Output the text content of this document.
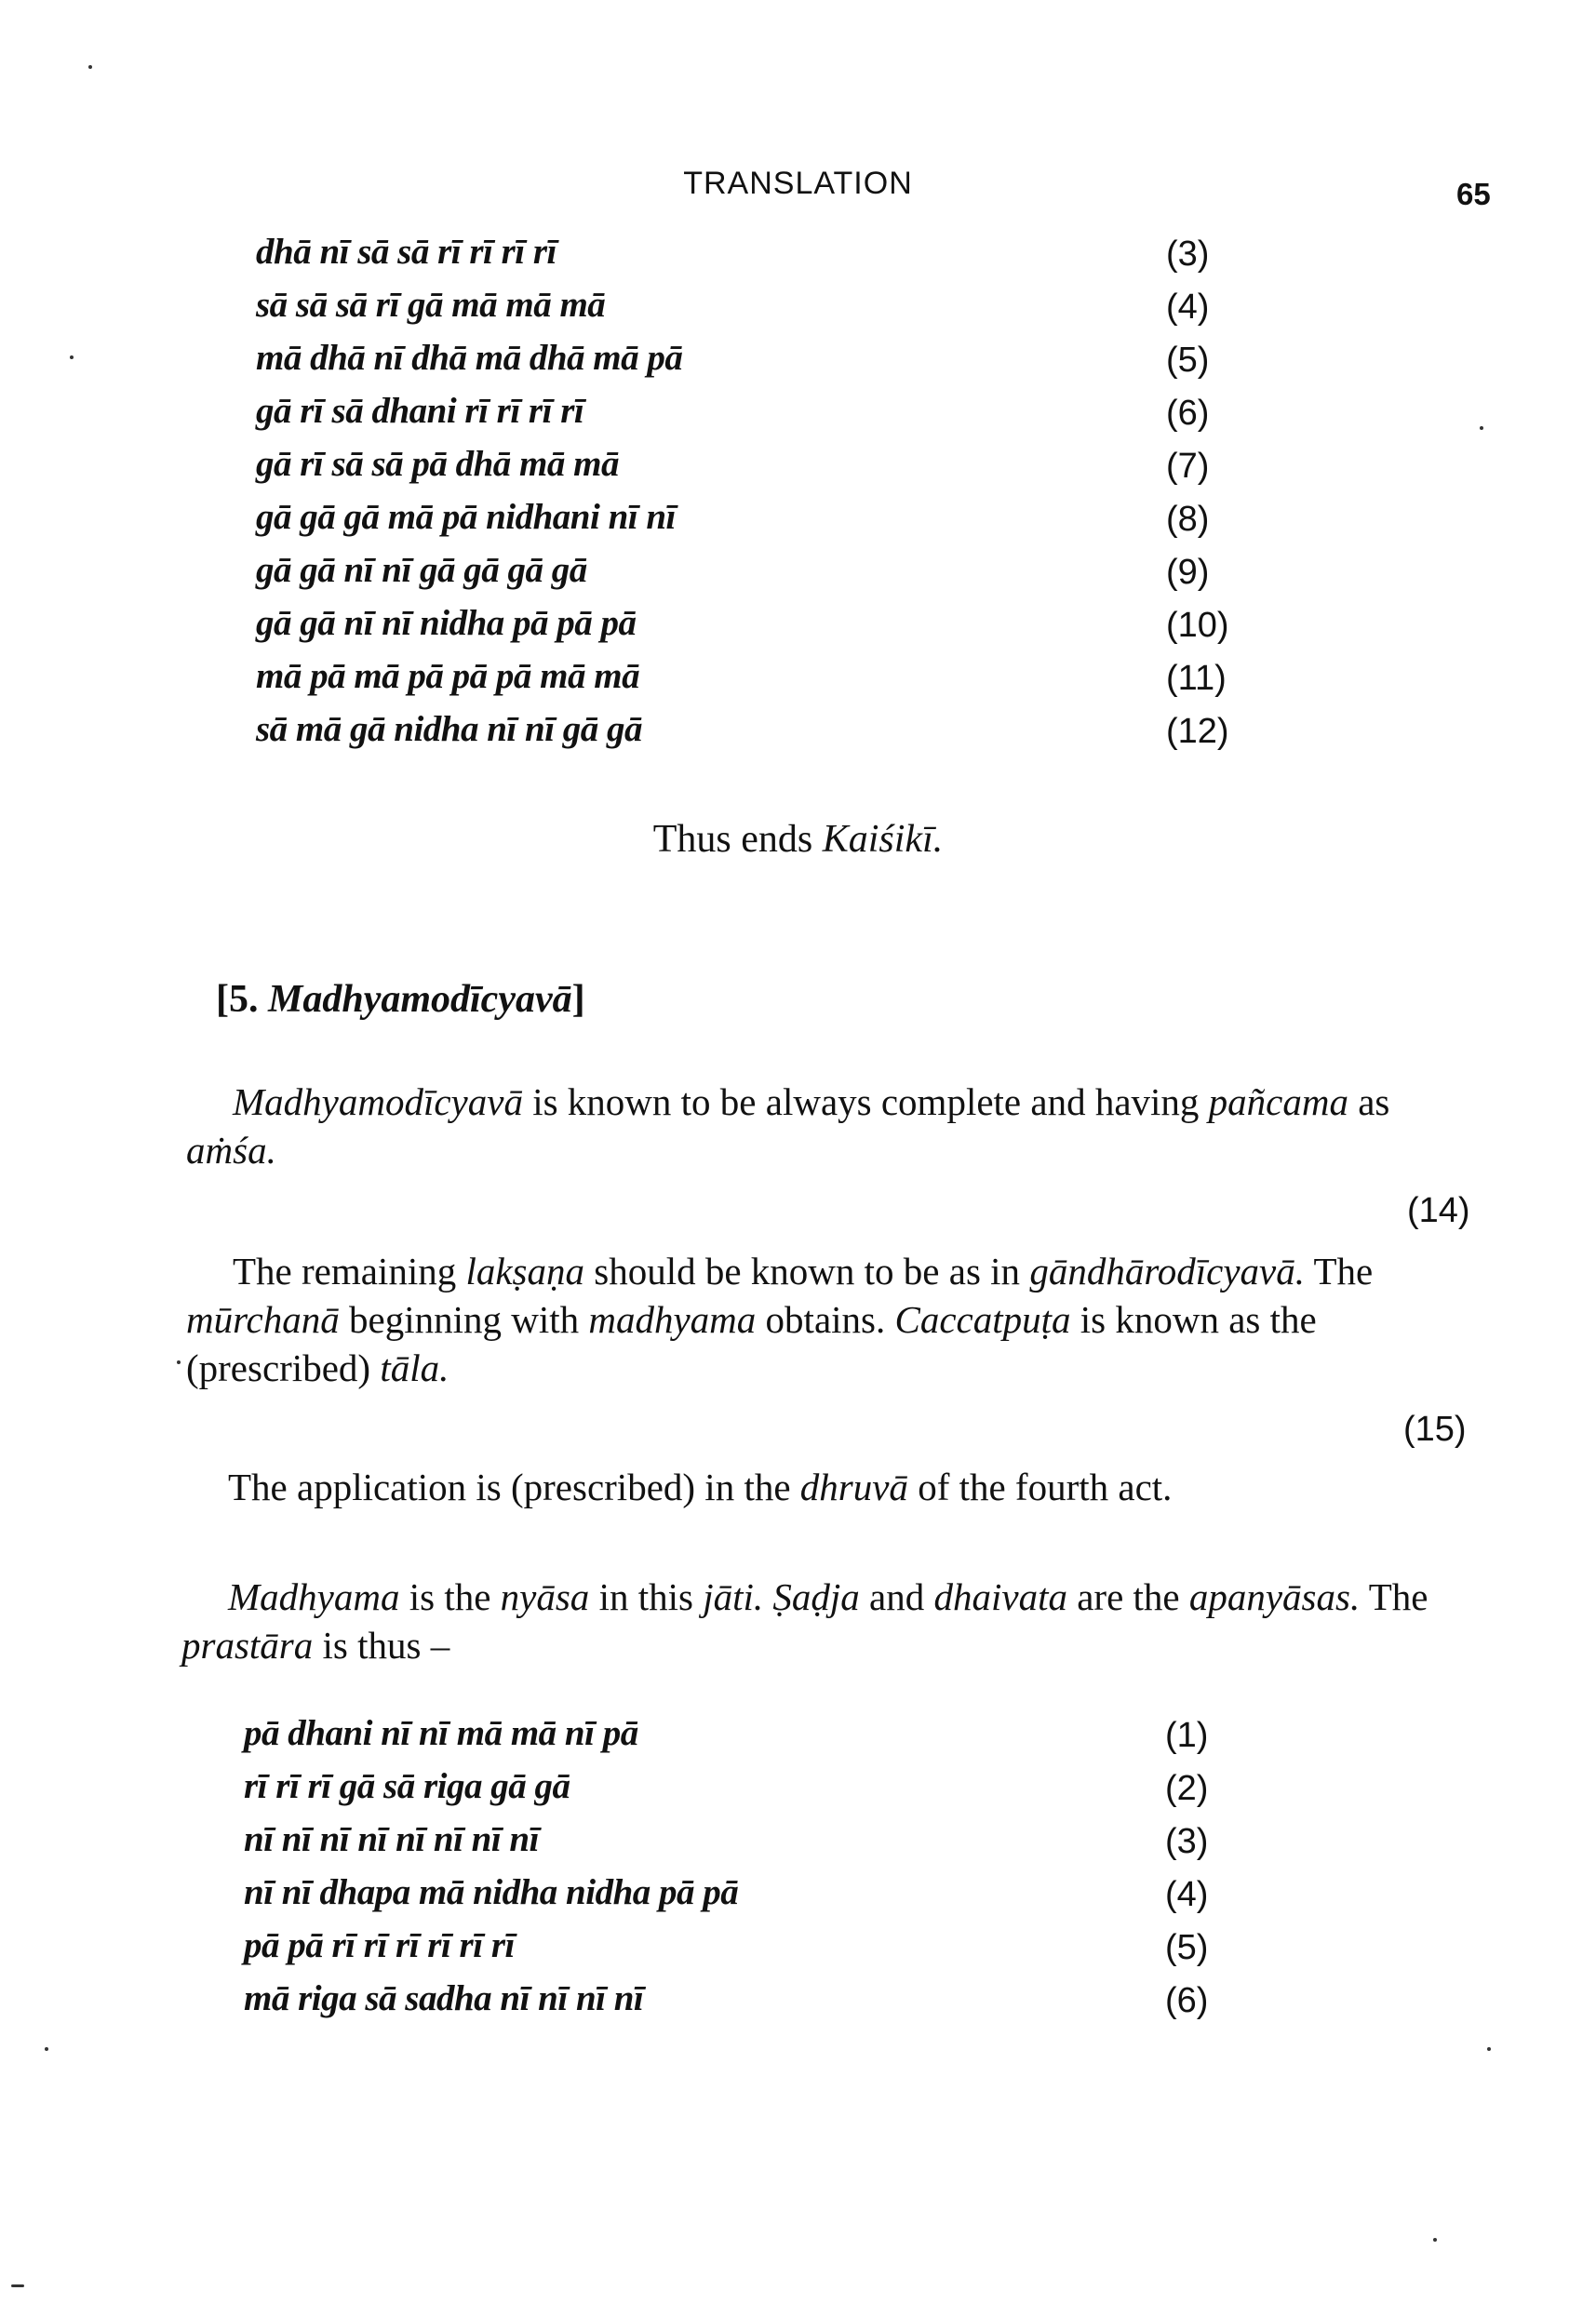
TRANSLATION	65
dhā nī sā sā rī rī rī rī	(3)
sā sā sā rī gā mā mā mā	(4)
mā dhā nī dhā mā dhā mā pā	(5)
gā rī sā dhani rī rī rī rī	(6)
gā rī sā sā pā dhā mā mā	(7)
gā gā gā mā pā nidhani nī nī	(8)
gā gā nī nī gā gā gā gā	(9)
gā gā nī nī nidha pā pā pā	(10)
mā pā mā pā pā pā mā mā	(11)
sā mā gā nidha nī nī gā gā	(12)
Thus ends Kaiśikī.
[5. Madhyamodīcyavā]

Madhyamodīcyavā is known to be always complete and having pañcama as aṁśa.

(14)

The remaining lakṣaṇa should be known to be as in gāndhārodīcyavā. The mūrchanā beginning with madhyama obtains. Caccatpuṭa is known as the (prescribed) tāla.

(15)

The application is (prescribed) in the dhruvā of the fourth act.

Madhyama is the nyāsa in this jāti. Ṣaḍja and dhaivata are the apanyāsas. The prastāra is thus –

pā dhani nī nī mā mā nī pā	(1)
rī rī rī gā sā riga gā gā	(2)
nī nī nī nī nī nī nī nī	(3)
nī nī dhapa mā nidha nidha pā pā	(4)
pā pā rī rī rī rī rī rī	(5)
mā riga sā sadha nī nī nī nī	(6)
